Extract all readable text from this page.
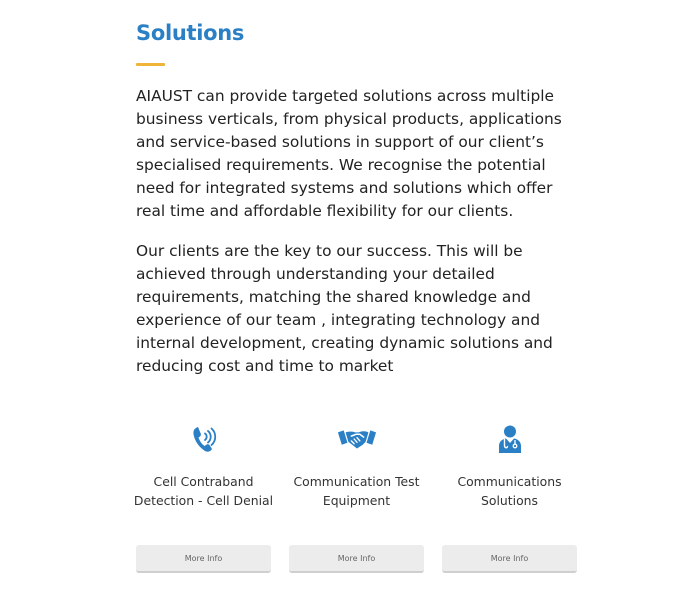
Solutions

AIAUST can provide targeted solutions across multiple business verticals, from physical products, applications and service-based solutions in support of our client’s specialised requirements. We recognise the potential need for integrated systems and solutions which offer real time and affordable flexibility for our clients.

Our clients are the key to our success. This will be achieved through understanding your detailed requirements, matching the shared knowledge and experience of our team , integrating technology and internal development, creating dynamic solutions and reducing cost and time to market

Cell Contraband Detection - Cell Denial
More Info
Communication Test Equipment
More Info
Communications Solutions
More Info
